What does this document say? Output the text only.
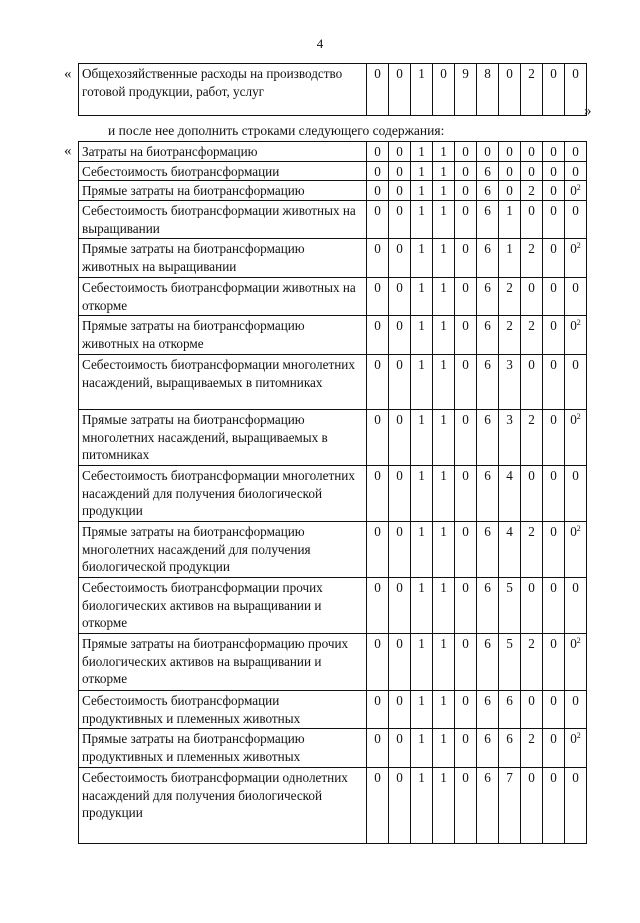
4
«
»
«
Общехозяйственные расходы на производство готовой продукции, работ, услуг	0	0	1	0	9	8	0	2	0	0
и после нее дополнить строками следующего содержания:
Затраты на биотрансформацию	0	0	1	1	0	0	0	0	0	0
Себестоимость биотрансформации	0	0	1	1	0	6	0	0	0	0
Прямые затраты на биотрансформацию	0	0	1	1	0	6	0	2	0	$0^2$
Себестоимость биотрансформации животных на выращивании	0	0	1	1	0	6	1	0	0	0
Прямые затраты на биотрансформацию животных на выращивании	0	0	1	1	0	6	1	2	0	$0^2$
Себестоимость биотрансформации животных на откорме	0	0	1	1	0	6	2	0	0	0
Прямые затраты на биотрансформацию животных на откорме	0	0	1	1	0	6	2	2	0	$0^2$
Себестоимость биотрансформации многолетних насаждений, выращиваемых в питомниках	0	0	1	1	0	6	3	0	0	0
Прямые затраты на биотрансформацию многолетних насаждений, выращиваемых в питомниках	0	0	1	1	0	6	3	2	0	$0^2$
Себестоимость биотрансформации многолетних насаждений для получения биологической продукции	0	0	1	1	0	6	4	0	0	0
Прямые затраты на биотрансформацию многолетних насаждений для получения биологической продукции	0	0	1	1	0	6	4	2	0	$0^2$
Себестоимость биотрансформации прочих биологических активов на выращивании и откорме	0	0	1	1	0	6	5	0	0	0
Прямые затраты на биотрансформацию прочих биологических активов на выращивании и откорме	0	0	1	1	0	6	5	2	0	$0^2$
Себестоимость биотрансформации продуктивных и племенных животных	0	0	1	1	0	6	6	0	0	0
Прямые затраты на биотрансформацию продуктивных и племенных животных	0	0	1	1	0	6	6	2	0	$0^2$
Себестоимость биотрансформации однолетних насаждений для получения биологической продукции	0	0	1	1	0	6	7	0	0	0
